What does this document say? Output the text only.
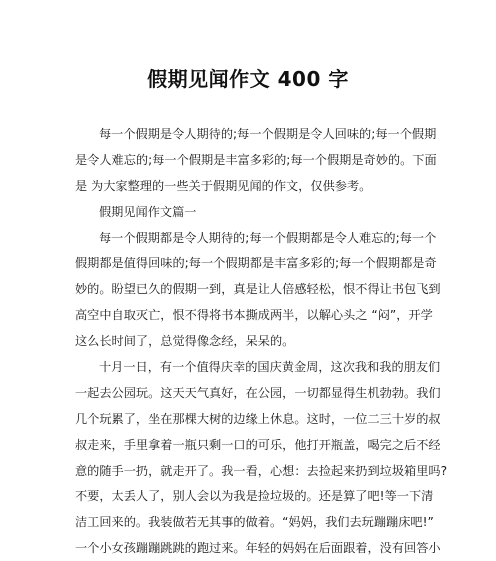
假期见闻作文 400 字
每一个假期是令人期待的;每一个假期是令人回味的;每一个假期
是令人难忘的;每一个假期是丰富多彩的;每一个假期是奇妙的。下面
是 为大家整理的一些关于假期见闻的作文，仅供参考。
假期见闻作文篇一
每一个假期都是令人期待的;每一个假期都是令人难忘的;每一个
假期都是值得回味的;每一个假期都是丰富多彩的;每一个假期都是奇
妙的。盼望已久的假期一到，真是让人倍感轻松，恨不得让书包飞到
高空中自取灭亡，恨不得将书本撕成两半，以解心头之 “闷”，开学
这么长时间了，总觉得像念经，呆呆的。
十月一日，有一个值得庆幸的国庆黄金周，这次我和我的朋友们
一起去公园玩。这天天气真好，在公园，一切都显得生机勃勃。我们
几个玩累了，坐在那棵大树的边缘上休息。这时，一位二三十岁的叔
叔走来，手里拿着一瓶只剩一口的可乐，他打开瓶盖，喝完之后不经
意的随手一扔，就走开了。我一看，心想：去捡起来扔到垃圾箱里吗?
不要，太丢人了，别人会以为我是捡垃圾的。还是算了吧!等一下清
洁工回来的。我装做若无其事的做着。“妈妈，我们去玩蹦蹦床吧!”
一个小女孩蹦蹦跳跳的跑过来。年轻的妈妈在后面跟着，没有回答小
